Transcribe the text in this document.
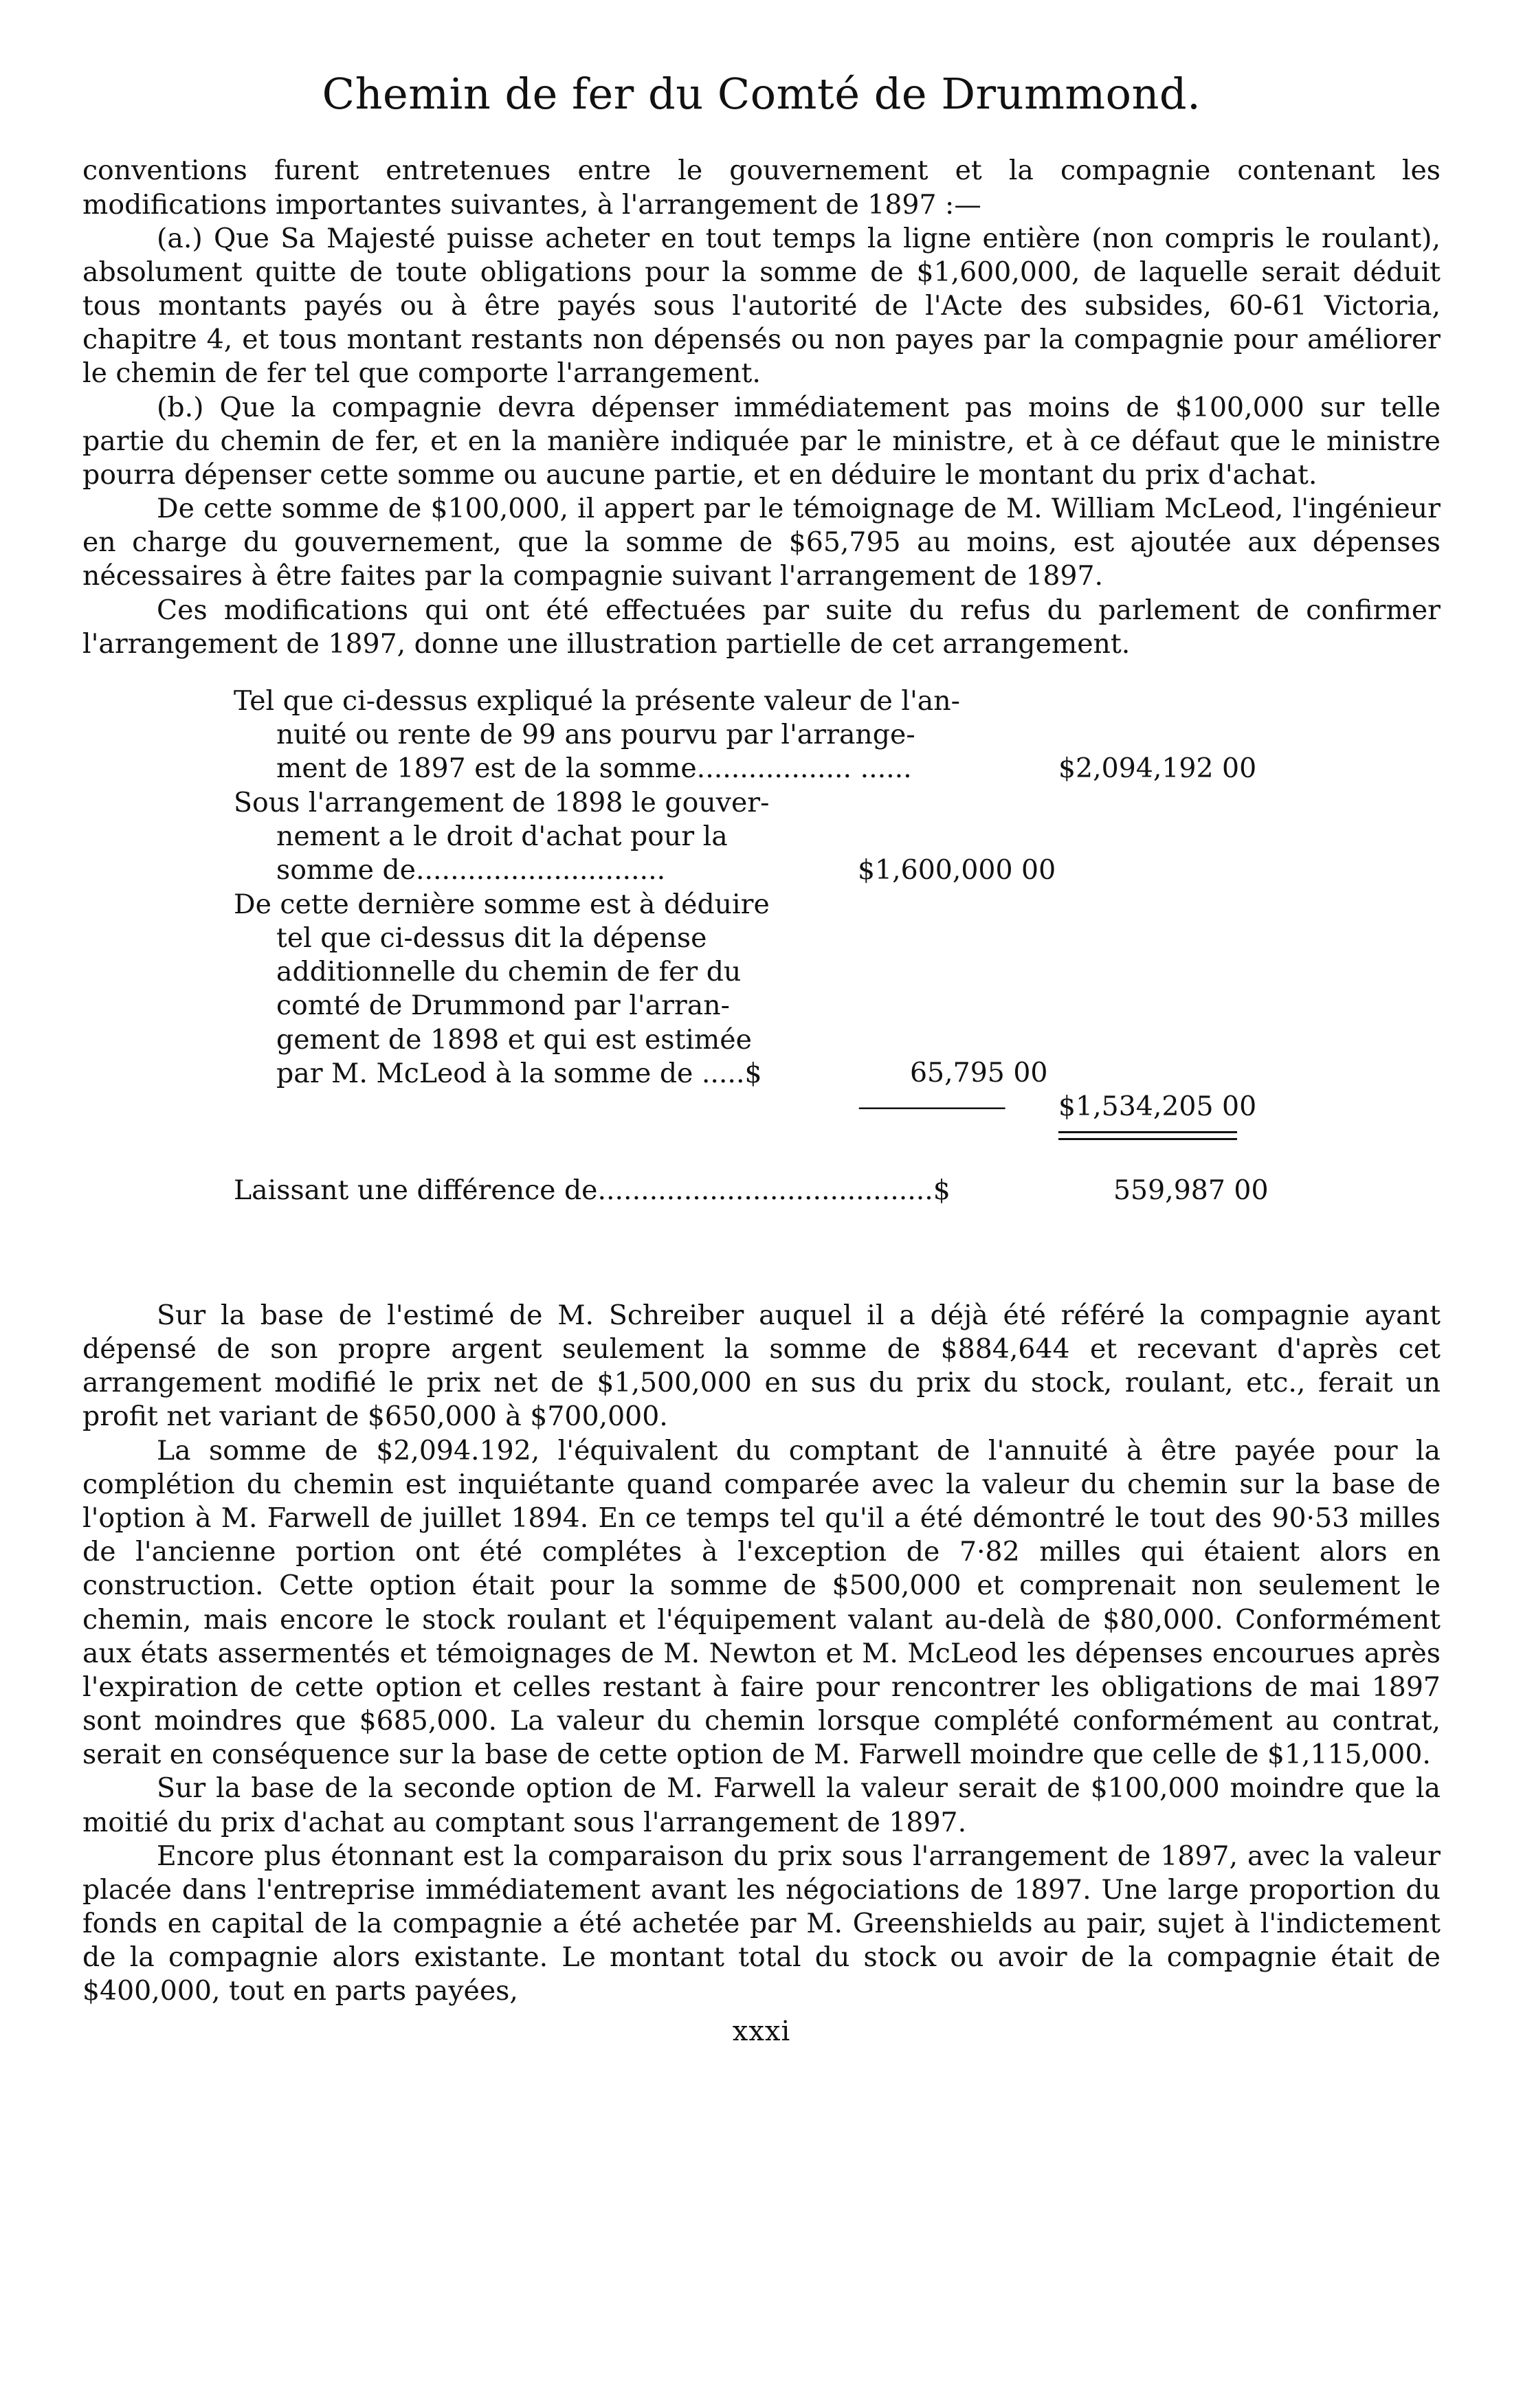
Chemin de fer du Comté de Drummond.

conventions furent entretenues entre le gouvernement et la compagnie contenant les modifications importantes suivantes, à l'arrangement de 1897 :—

(a.) Que Sa Majesté puisse acheter en tout temps la ligne entière (non compris le roulant), absolument quitte de toute obligations pour la somme de $1,600,000, de laquelle serait déduit tous montants payés ou à être payés sous l'autorité de l'Acte des subsides, 60-61 Victoria, chapitre 4, et tous montant restants non dépensés ou non payes par la compagnie pour améliorer le chemin de fer tel que comporte l'arrangement.

(b.) Que la compagnie devra dépenser immédiatement pas moins de $100,000 sur telle partie du chemin de fer, et en la manière indiquée par le ministre, et à ce défaut que le ministre pourra dépenser cette somme ou aucune partie, et en déduire le montant du prix d'achat.

De cette somme de $100,000, il appert par le témoignage de M. William McLeod, l'ingénieur en charge du gouvernement, que la somme de $65,795 au moins, est ajoutée aux dépenses nécessaires à être faites par la compagnie suivant l'arrangement de 1897.

Ces modifications qui ont été effectuées par suite du refus du parlement de confirmer l'arrangement de 1897, donne une illustration partielle de cet arrangement.

Tel que ci-dessus expliqué la présente valeur de l'an-
nuité ou rente de 99 ans pourvu par l'arrange-
ment de 1897 est de la somme.................. ......	$2,094,192 00
Sous l'arrangement de 1898 le gouver-
nement a le droit d'achat pour la
somme de.............................	$1,600,000 00
De cette dernière somme est à déduire
tel que ci-dessus dit la dépense
additionnelle du chemin de fer du
comté de Drummond par l'arran-
gement de 1898 et qui est estimée
par M. McLeod à la somme de .....$	65,795 00
—————— $1,534,205 00
Laissant une différence de.......................................$	559,987 00

Sur la base de l'estimé de M. Schreiber auquel il a déjà été référé la compagnie ayant dépensé de son propre argent seulement la somme de $884,644 et recevant d'après cet arrangement modifié le prix net de $1,500,000 en sus du prix du stock, roulant, etc., ferait un profit net variant de $650,000 à $700,000.

La somme de $2,094.192, l'équivalent du comptant de l'annuité à être payée pour la complétion du chemin est inquiétante quand comparée avec la valeur du chemin sur la base de l'option à M. Farwell de juillet 1894. En ce temps tel qu'il a été démontré le tout des 90·53 milles de l'ancienne portion ont été complétes à l'exception de 7·82 milles qui étaient alors en construction. Cette option était pour la somme de $500,000 et comprenait non seulement le chemin, mais encore le stock roulant et l'équipement valant au-delà de $80,000. Conformément aux états assermentés et témoignages de M. Newton et M. McLeod les dépenses encourues après l'expiration de cette option et celles restant à faire pour rencontrer les obligations de mai 1897 sont moindres que $685,000. La valeur du chemin lorsque complété conformément au contrat, serait en conséquence sur la base de cette option de M. Farwell moindre que celle de $1,115,000.

Sur la base de la seconde option de M. Farwell la valeur serait de $100,000 moindre que la moitié du prix d'achat au comptant sous l'arrangement de 1897.

Encore plus étonnant est la comparaison du prix sous l'arrangement de 1897, avec la valeur placée dans l'entreprise immédiatement avant les négociations de 1897. Une large proportion du fonds en capital de la compagnie a été achetée par M. Greenshields au pair, sujet à l'indictement de la compagnie alors existante. Le montant total du stock ou avoir de la compagnie était de $400,000, tout en parts payées,

xxxi
